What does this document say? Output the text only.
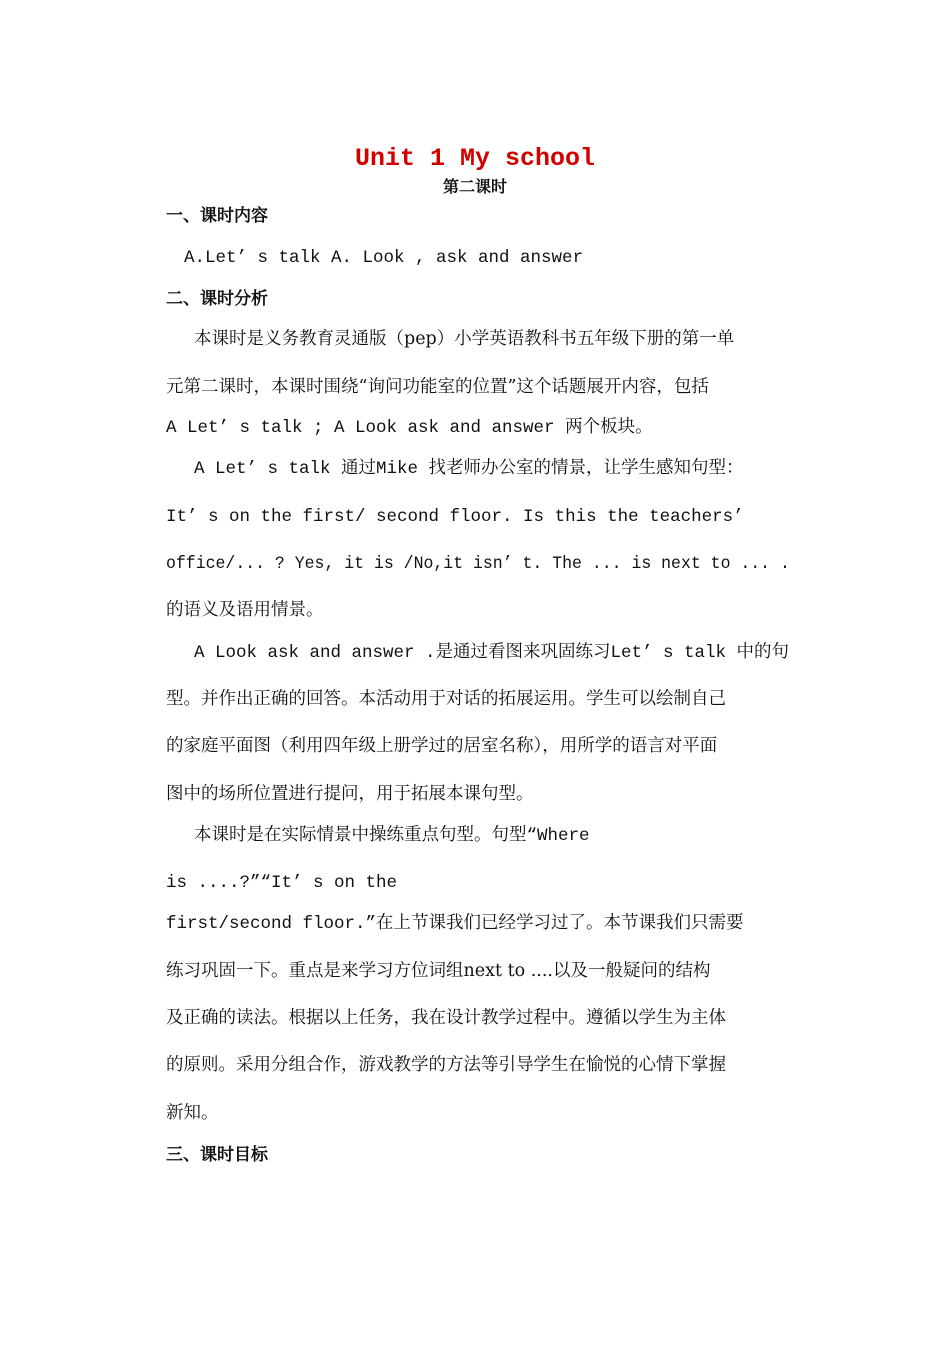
Unit 1 My school
第二课时
一、课时内容
A.Let’ s talk A. Look , ask and answer
二、课时分析
本课时是义务教育灵通版（pep）小学英语教科书五年级下册的第一单
元第二课时，本课时围绕“询问功能室的位置”这个话题展开内容，包括
A Let’ s talk ; A Look ask and answer 两个板块。
A Let’ s talk 通过Mike 找老师办公室的情景，让学生感知句型：
It’ s on the first/ second floor. Is this the teachers’
office/... ? Yes, it is /No,it isn’ t. The ... is next to ... .
的语义及语用情景。
A Look ask and answer .是通过看图来巩固练习Let’ s talk 中的句
型。并作出正确的回答。本活动用于对话的拓展运用。学生可以绘制自己
的家庭平面图（利用四年级上册学过的居室名称），用所学的语言对平面
图中的场所位置进行提问，用于拓展本课句型。
本课时是在实际情景中操练重点句型。句型“Where
is ....?”“It’ s on the
first/second floor.”在上节课我们已经学习过了。本节课我们只需要
练习巩固一下。重点是来学习方位词组next to ....以及一般疑问的结构
及正确的读法。根据以上任务，我在设计教学过程中。遵循以学生为主体
的原则。采用分组合作，游戏教学的方法等引导学生在愉悦的心情下掌握
新知。
三、课时目标
